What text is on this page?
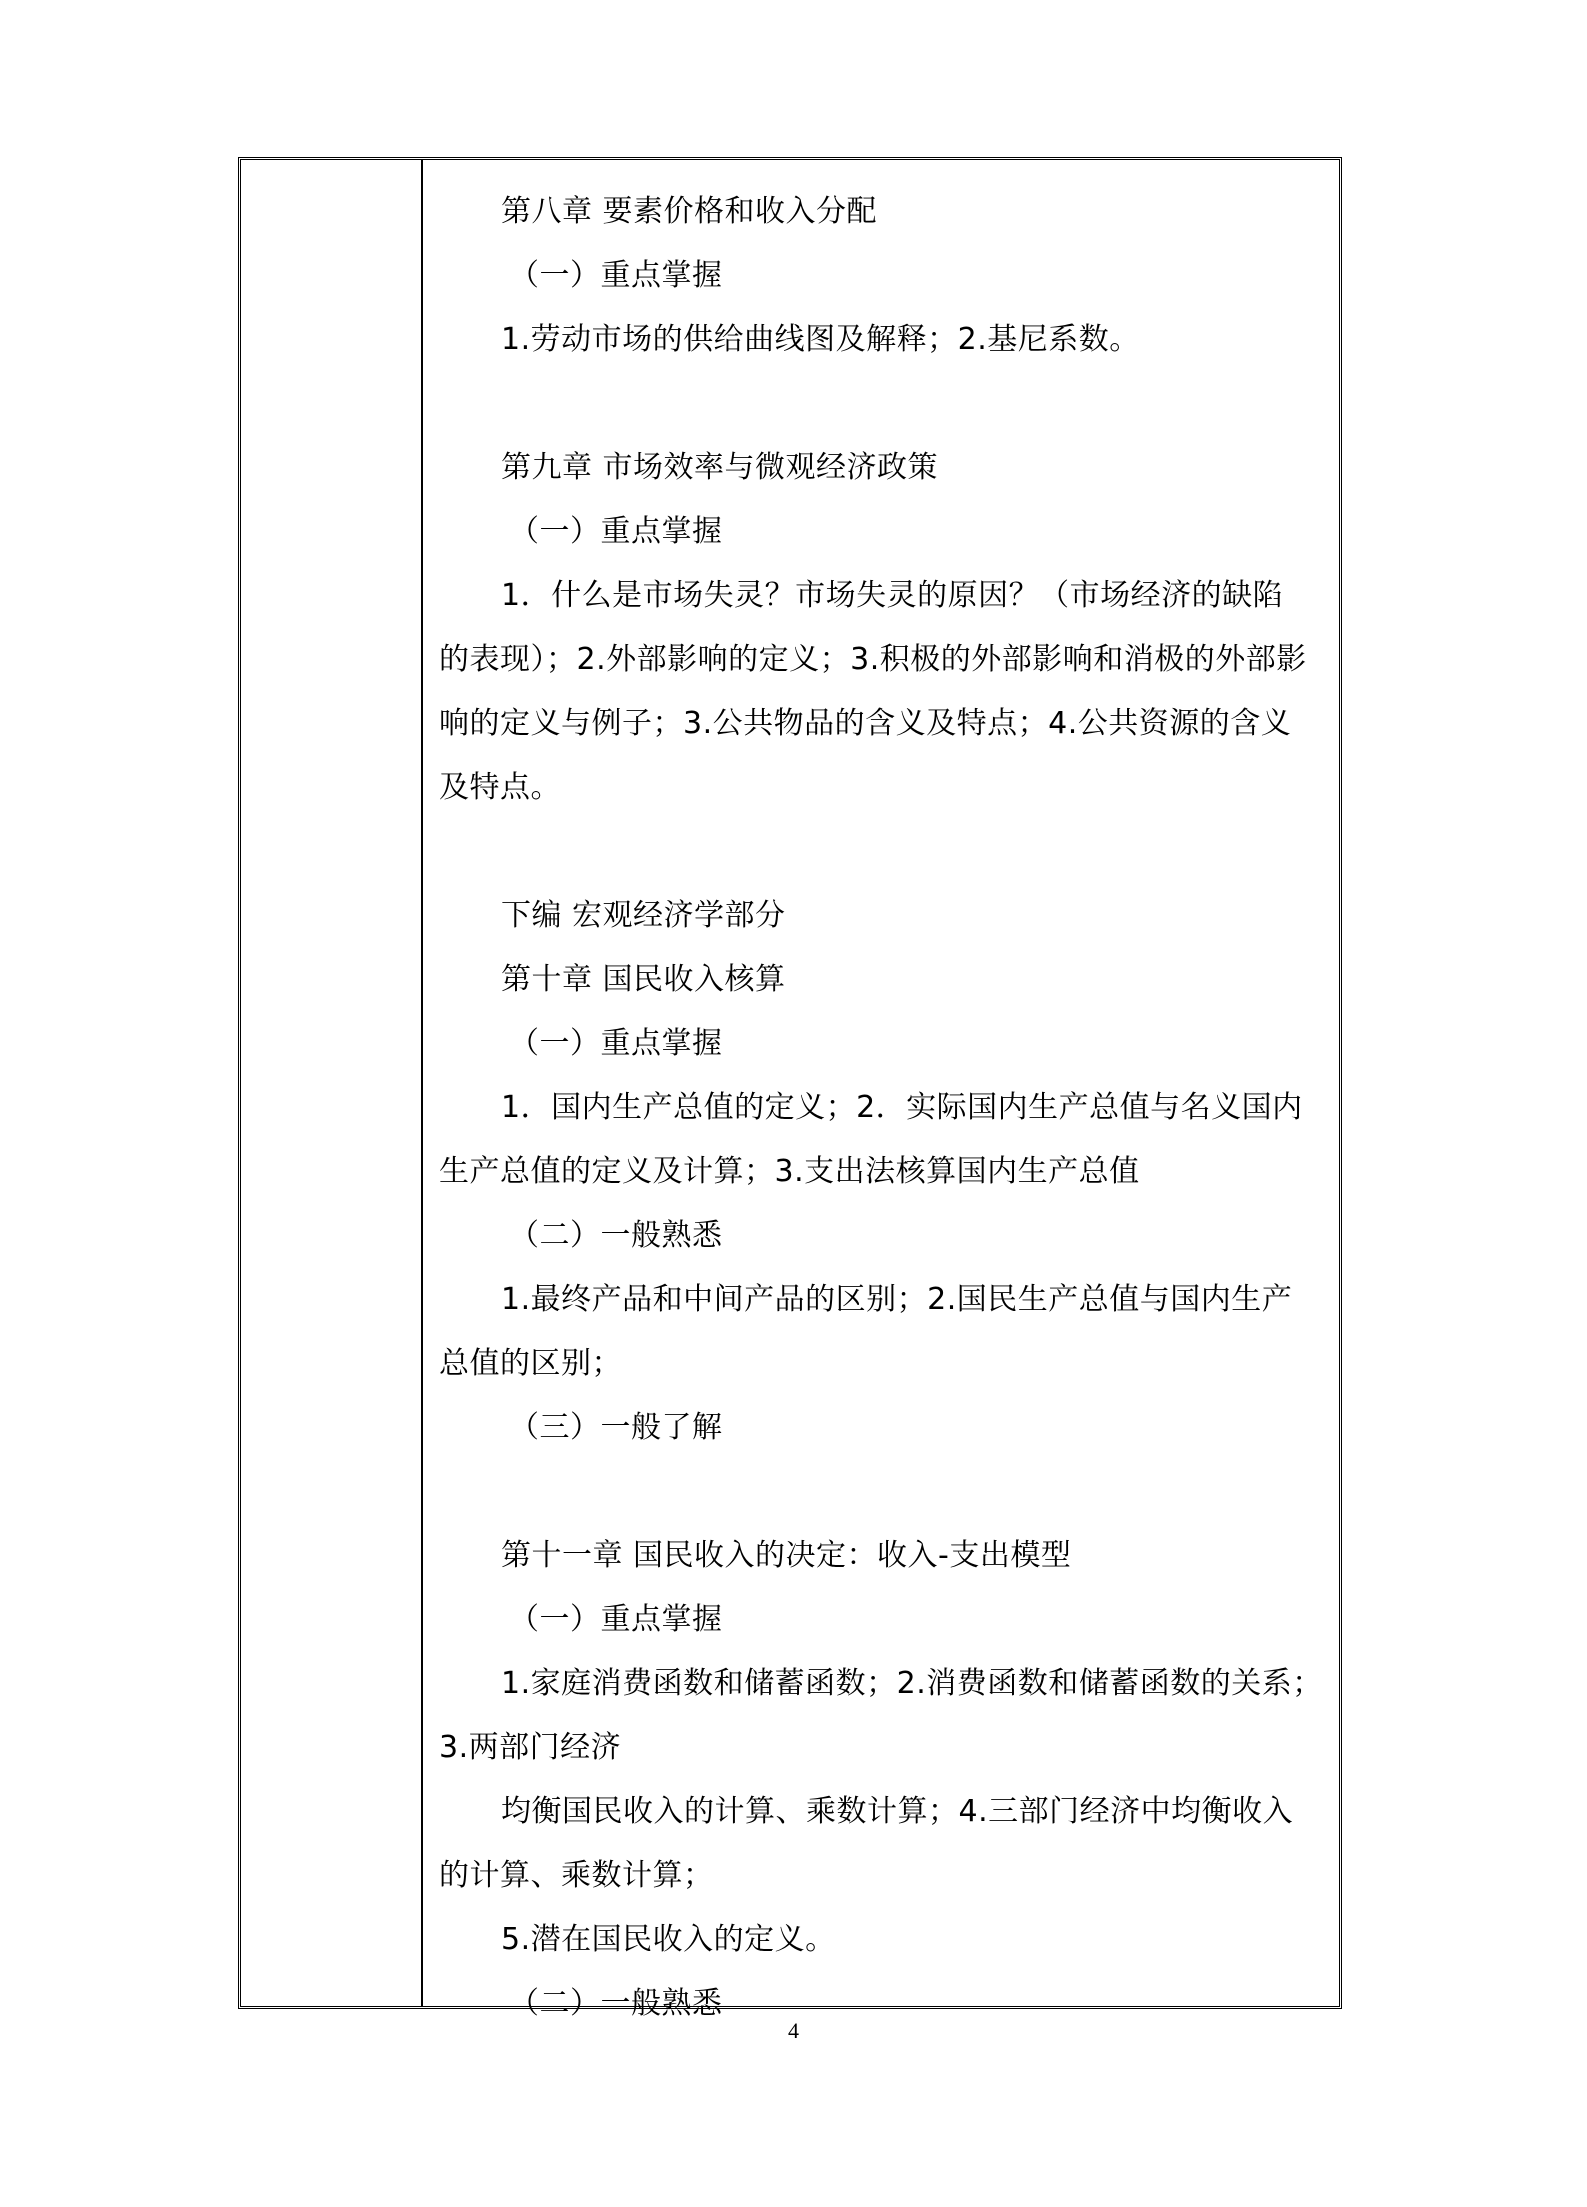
第八章 要素价格和收入分配
（一）重点掌握
1.劳动市场的供给曲线图及解释；2.基尼系数。
第九章 市场效率与微观经济政策
（一）重点掌握
1．什么是市场失灵？市场失灵的原因？（市场经济的缺陷
的表现）；2.外部影响的定义；3.积极的外部影响和消极的外部影
响的定义与例子；3.公共物品的含义及特点；4.公共资源的含义
及特点。
下编 宏观经济学部分
第十章 国民收入核算
（一）重点掌握
1．国内生产总值的定义；2．实际国内生产总值与名义国内
生产总值的定义及计算；3.支出法核算国内生产总值
（二）一般熟悉
1.最终产品和中间产品的区别；2.国民生产总值与国内生产
总值的区别；
（三）一般了解
第十一章 国民收入的决定：收入-支出模型
（一）重点掌握
1.家庭消费函数和储蓄函数；2.消费函数和储蓄函数的关系；
3.两部门经济
均衡国民收入的计算、乘数计算；4.三部门经济中均衡收入
的计算、乘数计算；
5.潜在国民收入的定义。
（二）一般熟悉
4
